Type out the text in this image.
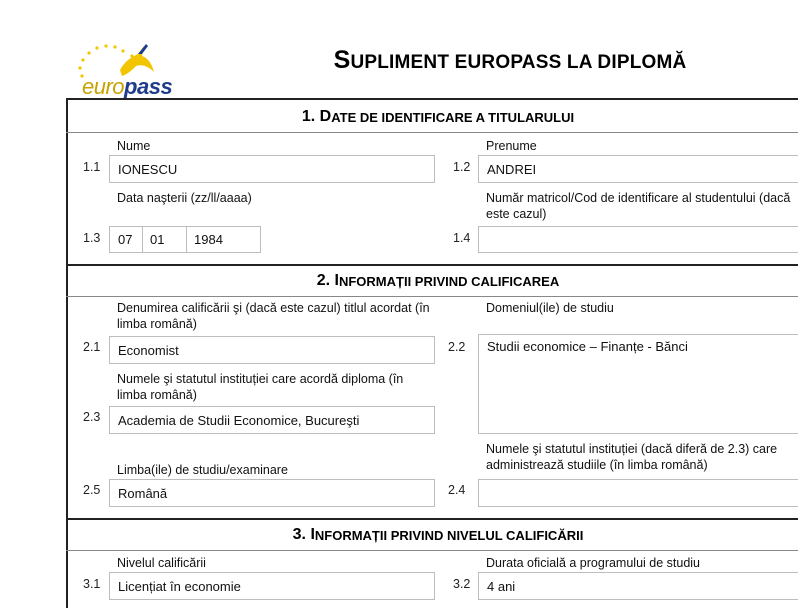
europass
SUPLIMENT EUROPASS LA DIPLOMĂ
1. D ATE DE IDENTIFICARE A TITULARULUI
Nume
1.1	IONESCU
Prenume
1.2	ANDREI
Data naşterii (zz/ll/aaaa)
1.3 07 01 1984
Număr matricol/Cod de identificare al studentului (dacă este cazul)
1.4
2. I NFORMAȚII PRIVIND CALIFICAREA
Denumirea calificării şi (dacă este cazul) titlul acordat (în limba română)
2.1	Economist
Domeniul(ile) de studiu
2.2	Studii economice – Finanțe - Bănci
Numele şi statutul instituției care acordă diploma (în limba română)
2.3	Academia de Studii Economice, Bucureşti
Numele şi statutul instituției (dacă diferă de 2.3) care administrează studiile (în limba română)
2.4
Limba(ile) de studiu/examinare
2.5	Română
3. I NFORMAȚII PRIVIND NIVELUL CALIFICĂRII
Nivelul calificării
3.1	Licențiat în economie
Durata oficială a programului de studiu
3.2	4 ani
